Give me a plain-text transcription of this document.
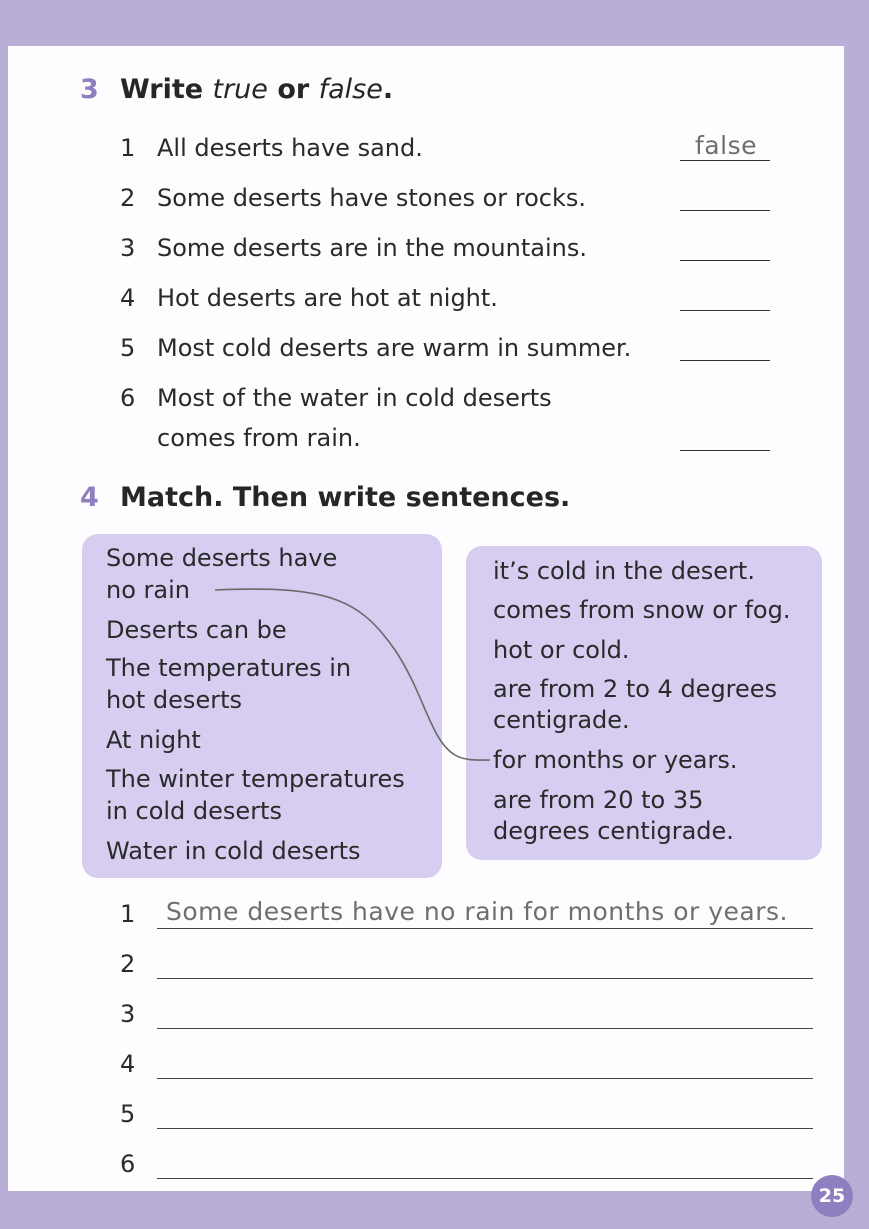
3 Write true or false.
1 All deserts have sand.	false
2 Some deserts have stones or rocks.
3 Some deserts are in the mountains.
4 Hot deserts are hot at night.
5 Most cold deserts are warm in summer.
6 Most of the water in cold deserts
comes from rain.
4 Match. Then write sentences.
Some deserts have
no rain
Deserts can be
The temperatures in
hot deserts
At night
The winter temperatures
in cold deserts
Water in cold deserts
it’s cold in the desert.
comes from snow or fog.
hot or cold.
are from 2 to 4 degrees
centigrade.
for months or years.
are from 20 to 35
degrees centigrade.
1 Some deserts have no rain for months or years.
2
3
4
5
6
25
